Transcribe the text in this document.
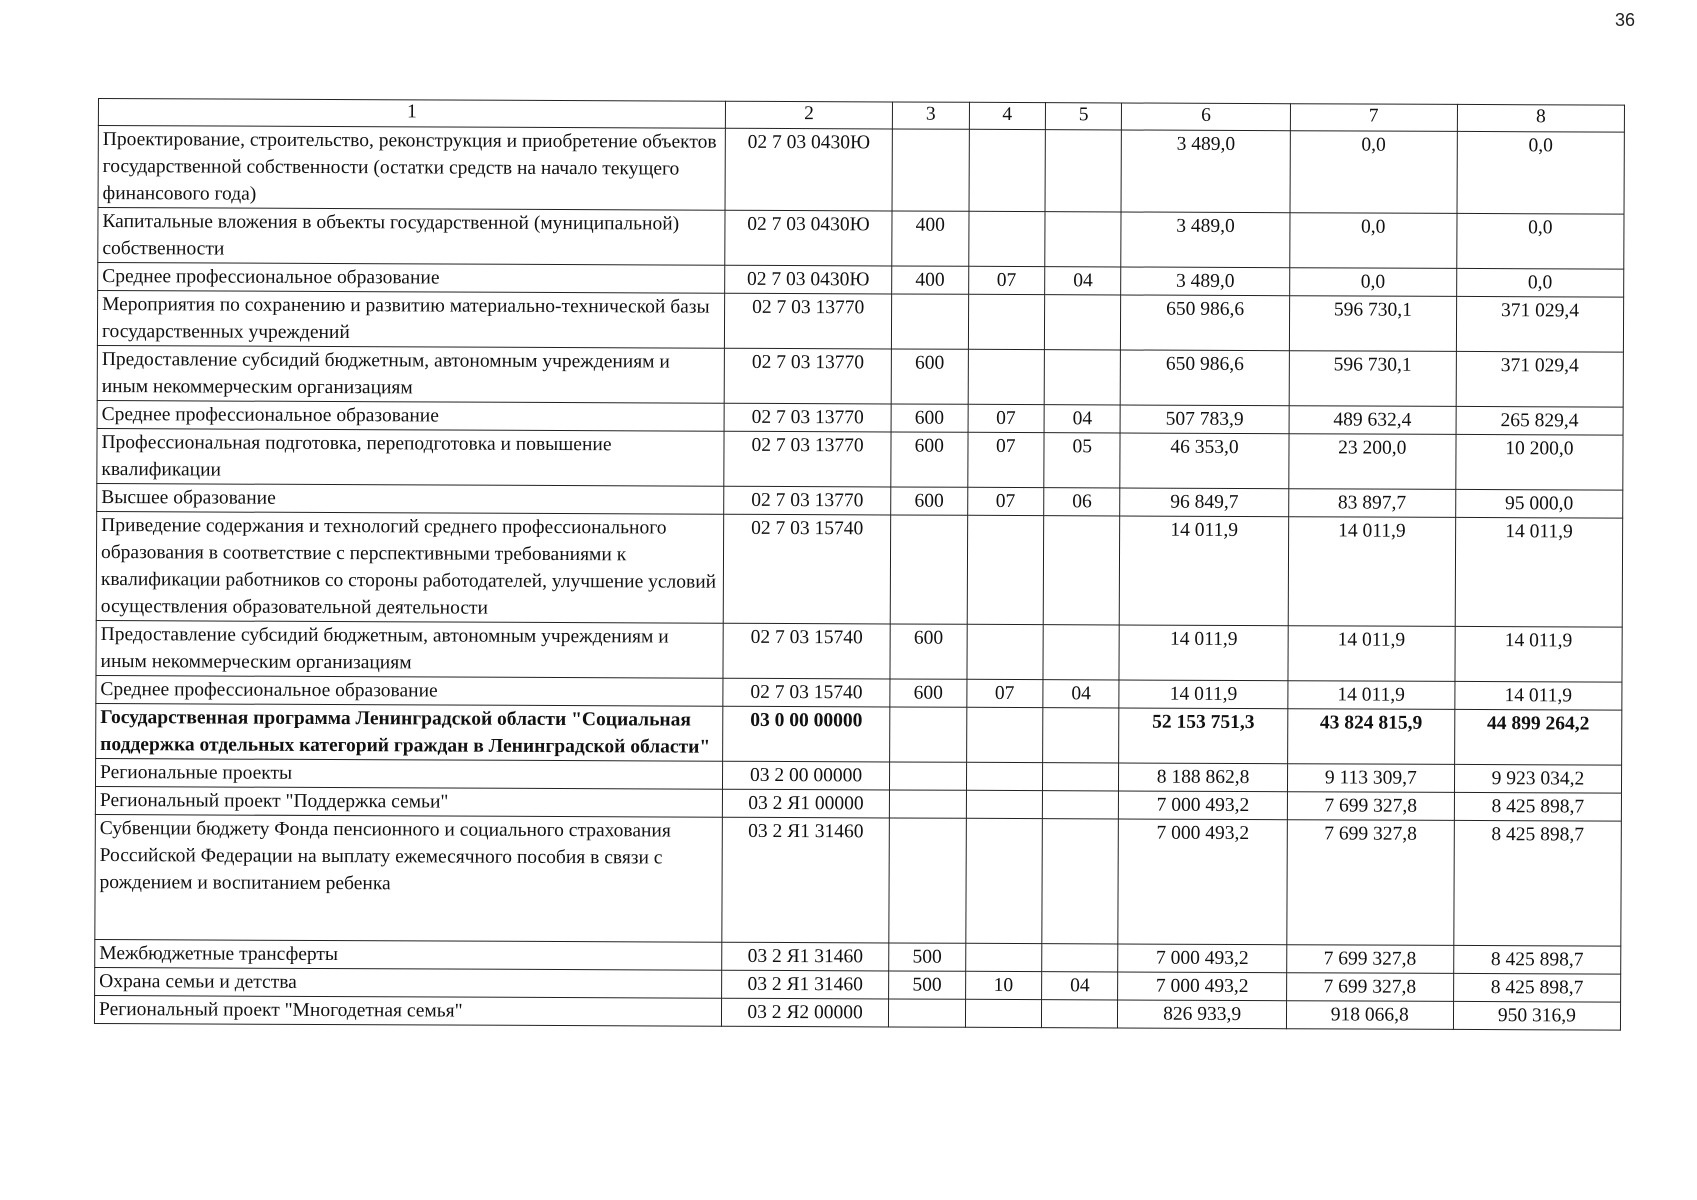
36
1	2	3	4	5	6	7	8
Проектирование, строительство, реконструкция и приобретение объектов государственной собственности (остатки средств на начало текущего финансового года)	02 7 03 0430Ю				3 489,0	0,0	0,0
Капитальные вложения в объекты государственной (муниципальной) собственности	02 7 03 0430Ю	400			3 489,0	0,0	0,0
Среднее профессиональное образование	02 7 03 0430Ю	400	07	04	3 489,0	0,0	0,0
Мероприятия по сохранению и развитию материально-технической базы государственных учреждений	02 7 03 13770				650 986,6	596 730,1	371 029,4
Предоставление субсидий бюджетным, автономным учреждениям и иным некоммерческим организациям	02 7 03 13770	600			650 986,6	596 730,1	371 029,4
Среднее профессиональное образование	02 7 03 13770	600	07	04	507 783,9	489 632,4	265 829,4
Профессиональная подготовка, переподготовка и повышение квалификации	02 7 03 13770	600	07	05	46 353,0	23 200,0	10 200,0
Высшее образование	02 7 03 13770	600	07	06	96 849,7	83 897,7	95 000,0
Приведение содержания и технологий среднего профессионального образования в соответствие с перспективными требованиями к квалификации работников со стороны работодателей, улучшение условий осуществления образовательной деятельности	02 7 03 15740				14 011,9	14 011,9	14 011,9
Предоставление субсидий бюджетным, автономным учреждениям и иным некоммерческим организациям	02 7 03 15740	600			14 011,9	14 011,9	14 011,9
Среднее профессиональное образование	02 7 03 15740	600	07	04	14 011,9	14 011,9	14 011,9
Государственная программа Ленинградской области "Социальная поддержка отдельных категорий граждан в Ленинградской области"	03 0 00 00000				52 153 751,3	43 824 815,9	44 899 264,2
Региональные проекты	03 2 00 00000				8 188 862,8	9 113 309,7	9 923 034,2
Региональный проект "Поддержка семьи"	03 2 Я1 00000				7 000 493,2	7 699 327,8	8 425 898,7
Субвенции бюджету Фонда пенсионного и социального страхования Российской Федерации на выплату ежемесячного пособия в связи с рождением и воспитанием ребенка	03 2 Я1 31460				7 000 493,2	7 699 327,8	8 425 898,7
Межбюджетные трансферты	03 2 Я1 31460	500			7 000 493,2	7 699 327,8	8 425 898,7
Охрана семьи и детства	03 2 Я1 31460	500	10	04	7 000 493,2	7 699 327,8	8 425 898,7
Региональный проект "Многодетная семья"	03 2 Я2 00000				826 933,9	918 066,8	950 316,9
